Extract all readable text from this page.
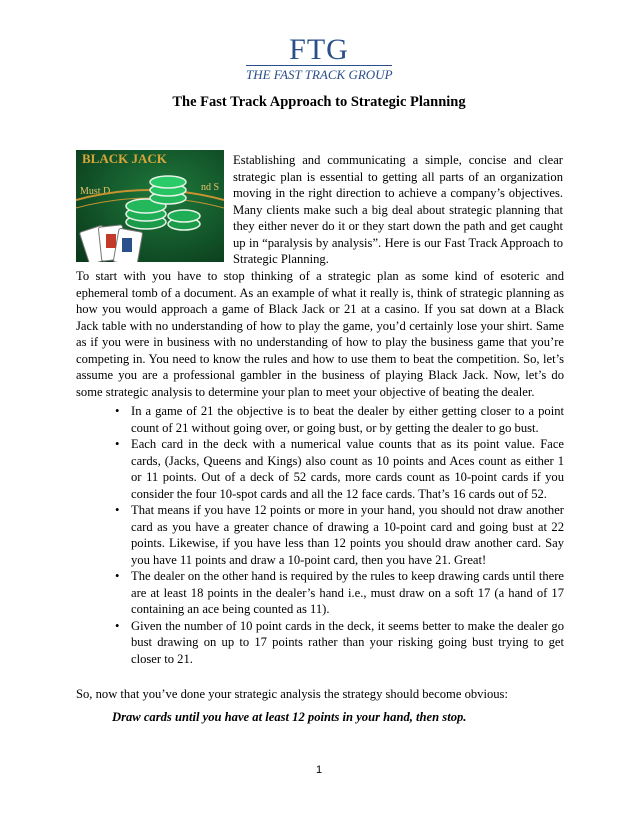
FTG
THE FAST TRACK GROUP
The Fast Track Approach to Strategic Planning
BLACK JACK
Must D	nd S

Establishing and communicating a simple, concise and clear strategic plan is essential to getting all parts of an organization moving in the right direction to achieve a company’s objectives. Many clients make such a big deal about strategic planning that they either never do it or they start down the path and get caught up in “paralysis by analysis”. Here is our Fast Track Approach to Strategic Planning.

To start with you have to stop thinking of a strategic plan as some kind of esoteric and ephemeral tomb of a document. As an example of what it really is, think of strategic planning as how you would approach a game of Black Jack or 21 at a casino. If you sat down at a Black Jack table with no understanding of how to play the game, you’d certainly lose your shirt. Same as if you were in business with no understanding of how to play the business game that you’re competing in. You need to know the rules and how to use them to beat the competition. So, let’s assume you are a professional gambler in the business of playing Black Jack. Now, let’s do some strategic analysis to determine your plan to meet your objective of beating the dealer.

• In a game of 21 the objective is to beat the dealer by either getting closer to a point count of 21 without going over, or going bust, or by getting the dealer to go bust.
• Each card in the deck with a numerical value counts that as its point value. Face cards, (Jacks, Queens and Kings) also count as 10 points and Aces count as either 1 or 11 points. Out of a deck of 52 cards, more cards count as 10-point cards if you consider the four 10-spot cards and all the 12 face cards. That’s 16 cards out of 52.
• That means if you have 12 points or more in your hand, you should not draw another card as you have a greater chance of drawing a 10-point card and going bust at 22 points. Likewise, if you have less than 12 points you should draw another card. Say you have 11 points and draw a 10-point card, then you have 21. Great!
• The dealer on the other hand is required by the rules to keep drawing cards until there are at least 18 points in the dealer’s hand i.e., must draw on a soft 17 (a hand of 17 containing an ace being counted as 11).
• Given the number of 10 point cards in the deck, it seems better to make the dealer go bust drawing on up to 17 points rather than your risking going bust trying to get closer to 21.

So, now that you’ve done your strategic analysis the strategy should become obvious:

Draw cards until you have at least 12 points in your hand, then stop.
1
